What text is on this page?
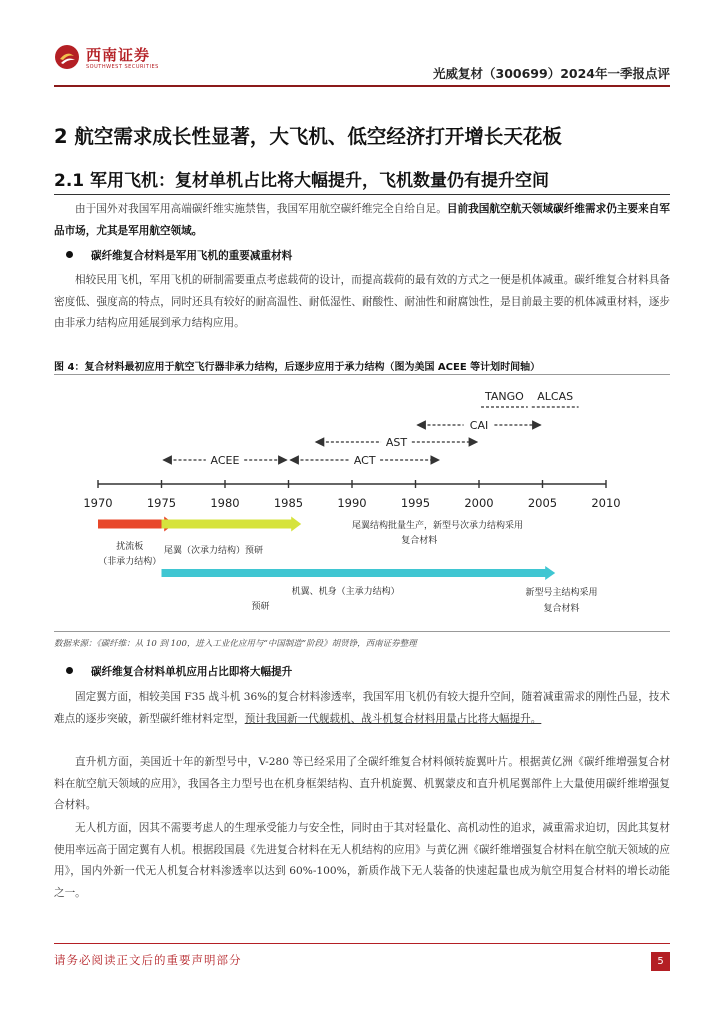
西南证券
SOUTHWEST SECURITIES	光威复材（300699）2024年一季报点评
2 航空需求成长性显著，大飞机、低空经济打开增长天花板
2.1 军用飞机：复材单机占比将大幅提升，飞机数量仍有提升空间
由于国外对我国军用高端碳纤维实施禁售，我国军用航空碳纤维完全自给自足。目前我国航空航天领域碳纤维需求仍主要来自军品市场，尤其是军用航空领域。
碳纤维复合材料是军用飞机的重要减重材料
相较民用飞机，军用飞机的研制需要重点考虑载荷的设计，而提高载荷的最有效的方式之一便是机体减重。碳纤维复合材料具备密度低、强度高的特点，同时还具有较好的耐高温性、耐低湿性、耐酸性、耐油性和耐腐蚀性，是目前最主要的机体减重材料，逐步由非承力结构应用延展到承力结构应用。
图 4：复合材料最初应用于航空飞行器非承力结构，后逐步应用于承力结构（图为美国 ACEE 等计划时间轴）
ACEE	ACT
AST
CAI
TANGO ALCAS
1970	1975	1980	1985	1990	1995	2000	2005	2010
扰流板
（非承力结构）
尾翼（次承力结构）预研
机翼、机身（主承力结构）
预研
尾翼结构批量生产，新型号次承力结构采用
复合材料
新型号主结构采用
复合材料
数据来源：《碳纤维：从 10 到 100，进入工业化应用与“中国制造”阶段》胡贤铮，西南证券整理
碳纤维复合材料单机应用占比即将大幅提升
固定翼方面，相较美国 F35 战斗机 36%的复合材料渗透率，我国军用飞机仍有较大提升空间，随着减重需求的刚性凸显，技术难点的逐步突破，新型碳纤维材料定型，预计我国新一代舰载机、战斗机复合材料用量占比将大幅提升。
直升机方面，美国近十年的新型号中，V-280 等已经采用了全碳纤维复合材料倾转旋翼叶片。根据黄亿洲《碳纤维增强复合材料在航空航天领域的应用》，我国各主力型号也在机身框架结构、直升机旋翼、机翼蒙皮和直升机尾翼部件上大量使用碳纤维增强复合材料。
无人机方面，因其不需要考虑人的生理承受能力与安全性，同时由于其对轻量化、高机动性的追求，减重需求迫切，因此其复材使用率远高于固定翼有人机。根据段国晨《先进复合材料在无人机结构的应用》与黄亿洲《碳纤维增强复合材料在航空航天领域的应用》，国内外新一代无人机复合材料渗透率以达到 60%-100%，新质作战下无人装备的快速起量也成为航空用复合材料的增长动能之一。
请务必阅读正文后的重要声明部分	5
